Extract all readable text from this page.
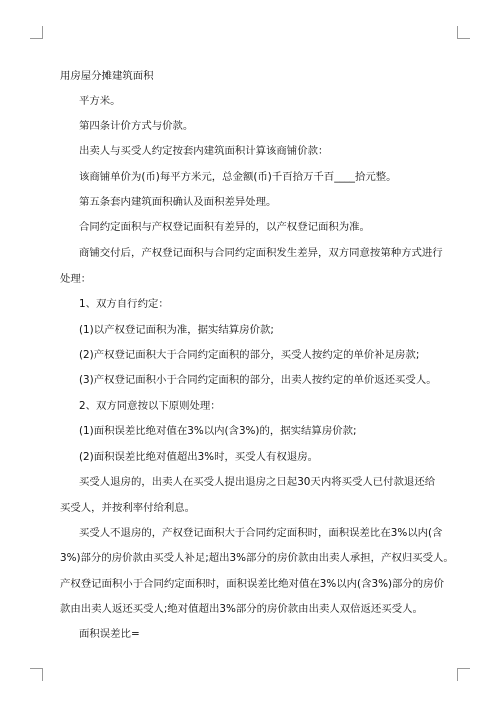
用房屋分摊建筑面积
平方米。
第四条计价方式与价款。
出卖人与买受人约定按套内建筑面积计算该商铺价款：
该商铺单价为(币)每平方米元，总金额(币)千百拾万千百____拾元整。
第五条套内建筑面积确认及面积差异处理。
合同约定面积与产权登记面积有差异的，以产权登记面积为准。
商铺交付后，产权登记面积与合同约定面积发生差异，双方同意按第种方式进行
处理：
1、双方自行约定：
(1)以产权登记面积为准，据实结算房价款;
(2)产权登记面积大于合同约定面积的部分，买受人按约定的单价补足房款;
(3)产权登记面积小于合同约定面积的部分，出卖人按约定的单价返还买受人。
2、双方同意按以下原则处理：
(1)面积误差比绝对值在3%以内(含3%)的，据实结算房价款;
(2)面积误差比绝对值超出3%时，买受人有权退房。
买受人退房的，出卖人在买受人提出退房之日起30天内将买受人已付款退还给
买受人，并按利率付给利息。
买受人不退房的，产权登记面积大于合同约定面积时，面积误差比在3%以内(含
3%)部分的房价款由买受人补足;超出3%部分的房价款由出卖人承担，产权归买受人。
产权登记面积小于合同约定面积时，面积误差比绝对值在3%以内(含3%)部分的房价
款由出卖人返还买受人;绝对值超出3%部分的房价款由出卖人双倍返还买受人。
面积误差比=
